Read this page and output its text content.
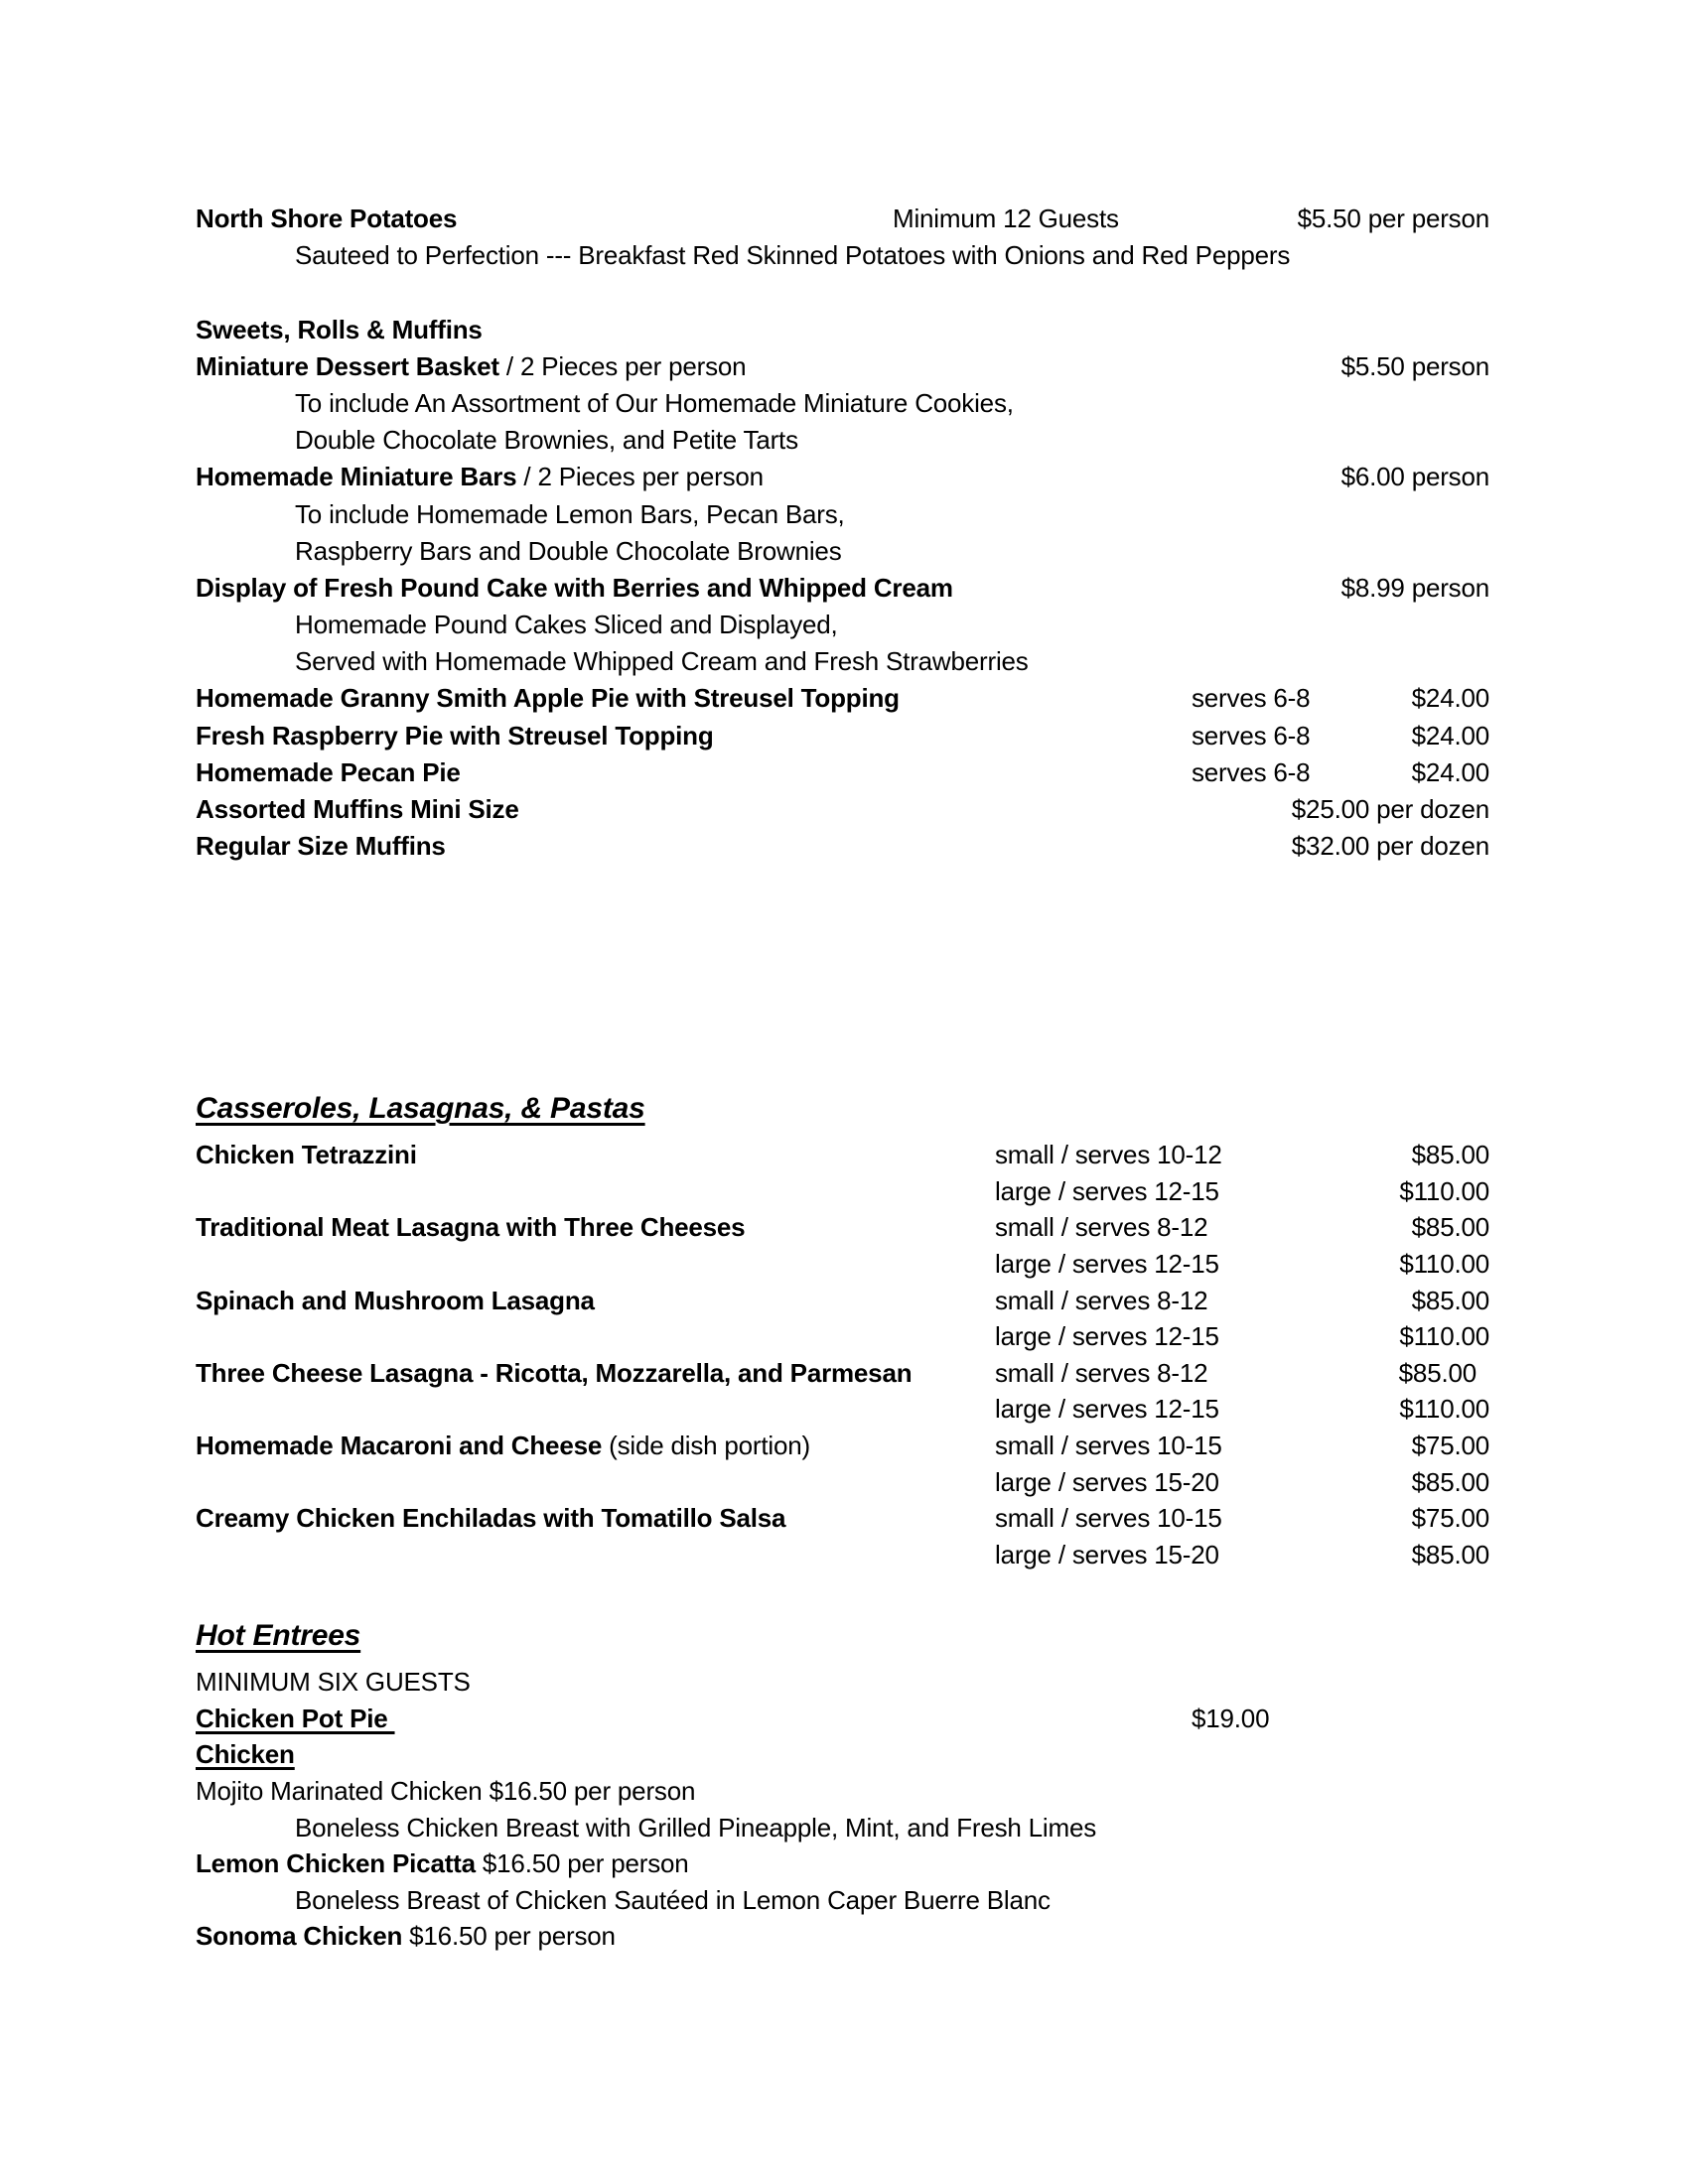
North Shore Potatoes	Minimum 12 Guests	$5.50 per person
Sauteed to Perfection --- Breakfast Red Skinned Potatoes with Onions and Red Peppers
Sweets, Rolls & Muffins
Miniature Dessert Basket / 2 Pieces per person	$5.50 person
To include An Assortment of Our Homemade Miniature Cookies,
Double Chocolate Brownies, and Petite Tarts
Homemade Miniature Bars / 2 Pieces per person	$6.00 person
To include Homemade Lemon Bars, Pecan Bars,
Raspberry Bars and Double Chocolate Brownies
Display of Fresh Pound Cake with Berries and Whipped Cream	$8.99 person
Homemade Pound Cakes Sliced and Displayed,
Served with Homemade Whipped Cream and Fresh Strawberries
Homemade Granny Smith Apple Pie with Streusel Topping	serves 6-8	$24.00
Fresh Raspberry Pie with Streusel Topping	serves 6-8	$24.00
Homemade Pecan Pie	serves 6-8	$24.00
Assorted Muffins Mini Size	$25.00 per dozen
Regular Size Muffins	$32.00 per dozen
Casseroles, Lasagnas, & Pastas
Chicken Tetrazzini	small / serves 10-12	$85.00
large / serves 12-15	$110.00
Traditional Meat Lasagna with Three Cheeses	small / serves 8-12	$85.00
large / serves 12-15	$110.00
Spinach and Mushroom Lasagna	small / serves 8-12	$85.00
large / serves 12-15	$110.00
Three Cheese Lasagna - Ricotta, Mozzarella, and Parmesan	small / serves 8-12	$85.00
large / serves 12-15	$110.00
Homemade Macaroni and Cheese (side dish portion)	small / serves 10-15	$75.00
large / serves 15-20	$85.00
Creamy Chicken Enchiladas with Tomatillo Salsa	small / serves 10-15	$75.00
large / serves 15-20	$85.00
Hot Entrees
MINIMUM SIX GUESTS
Chicken Pot Pie	$19.00
Chicken
Mojito Marinated Chicken $16.50 per person
Boneless Chicken Breast with Grilled Pineapple, Mint, and Fresh Limes
Lemon Chicken Picatta $16.50 per person
Boneless Breast of Chicken Sautéed in Lemon Caper Buerre Blanc
Sonoma Chicken $16.50 per person
